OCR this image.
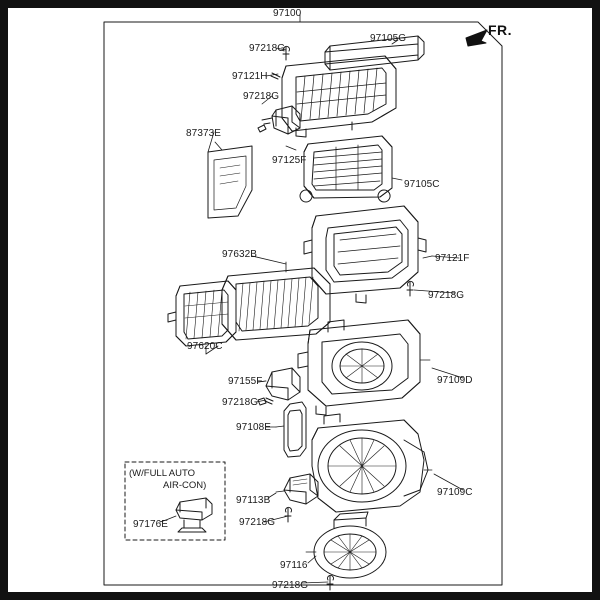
97100
97105G
97218G
97121H
97218G
87373E
97125F
97105C
97632B	97121F
97218G
97620C
97155F	97109D
97218G
97108E
97109C
97113B
97176E	97218G
97116
97218G
FR.
(W/FULL AUTO
AIR-CON)
